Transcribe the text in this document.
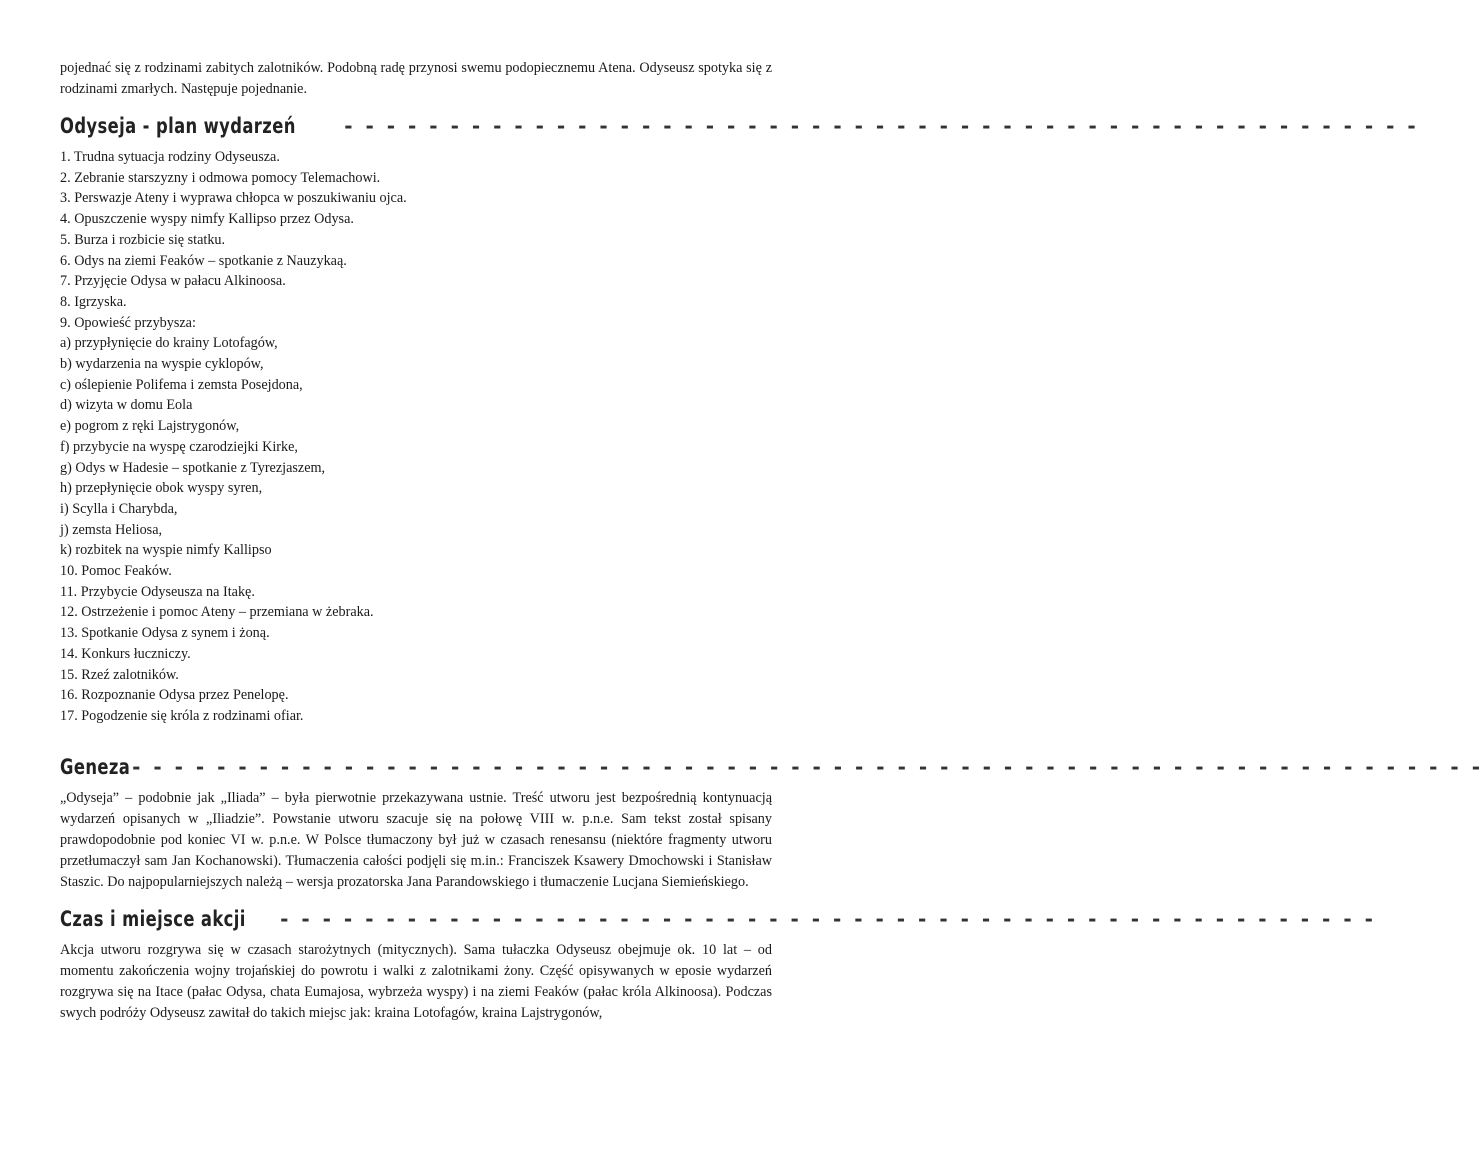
pojednać się z rodzinami zabitych zalotników. Podobną radę przynosi swemu podopiecznemu Atena. Odyseusz spotyka się z rodzinami zmarłych. Następuje pojednanie.

Odyseja - plan wydarzeń - - - - - - - - - - - - - - - - - - - - - - - - - - - - - - - - - - - - - - - - - - - - - - - - - - -
1. Trudna sytuacja rodziny Odyseusza.
2. Zebranie starszyzny i odmowa pomocy Telemachowi.
3. Perswazje Ateny i wyprawa chłopca w poszukiwaniu ojca.
4. Opuszczenie wyspy nimfy Kallipso przez Odysa.
5. Burza i rozbicie się statku.
6. Odys na ziemi Feaków – spotkanie z Nauzykaą.
7. Przyjęcie Odysa w pałacu Alkinoosa.
8. Igrzyska.
9. Opowieść przybysza:
a) przypłynięcie do krainy Lotofagów,
b) wydarzenia na wyspie cyklopów,
c) oślepienie Polifema i zemsta Posejdona,
d) wizyta w domu Eola
e) pogrom z ręki Lajstrygonów,
f) przybycie na wyspę czarodziejki Kirke,
g) Odys w Hadesie – spotkanie z Tyrezjaszem,
h) przepłynięcie obok wyspy syren,
i) Scylla i Charybda,
j) zemsta Heliosa,
k) rozbitek na wyspie nimfy Kallipso
10. Pomoc Feaków.
11. Przybycie Odyseusza na Itakę.
12. Ostrzeżenie i pomoc Ateny – przemiana w żebraka.
13. Spotkanie Odysa z synem i żoną.
14. Konkurs łuczniczy.
15. Rzeź zalotników.
16. Rozpoznanie Odysa przez Penelopę.
17. Pogodzenie się króla z rodzinami ofiar.
Geneza - - - - - - - - - - - - - - - - - - - - - - - - - - - - - - - - - - - - - - - - - - - - - - - - - - - - - - - - - - - - - - - -

„Odyseja” – podobnie jak „Iliada” – była pierwotnie przekazywana ustnie. Treść utworu jest bezpośrednią kontynuacją wydarzeń opisanych w „Iliadzie”. Powstanie utworu szacuje się na połowę VIII w. p.n.e. Sam tekst został spisany prawdopodobnie pod koniec VI w. p.n.e. W Polsce tłumaczony był już w czasach renesansu (niektóre fragmenty utworu przetłumaczył sam Jan Kochanowski). Tłumaczenia całości podjęli się m.in.: Franciszek Ksawery Dmochowski i Stanisław Staszic. Do najpopularniejszych należą – wersja prozatorska Jana Parandowskiego i tłumaczenie Lucjana Siemieńskiego.

Czas i miejsce akcji - - - - - - - - - - - - - - - - - - - - - - - - - - - - - - - - - - - - - - - - - - - - - - - - - - - -

Akcja utworu rozgrywa się w czasach starożytnych (mitycznych). Sama tułaczka Odyseusz obejmuje ok. 10 lat – od momentu zakończenia wojny trojańskiej do powrotu i walki z zalotnikami żony. Część opisywanych w eposie wydarzeń rozgrywa się na Itace (pałac Odysa, chata Eumajosa, wybrzeża wyspy) i na ziemi Feaków (pałac króla Alkinoosa). Podczas swych podróży Odyseusz zawitał do takich miejsc jak: kraina Lotofagów, kraina Lajstrygonów,
